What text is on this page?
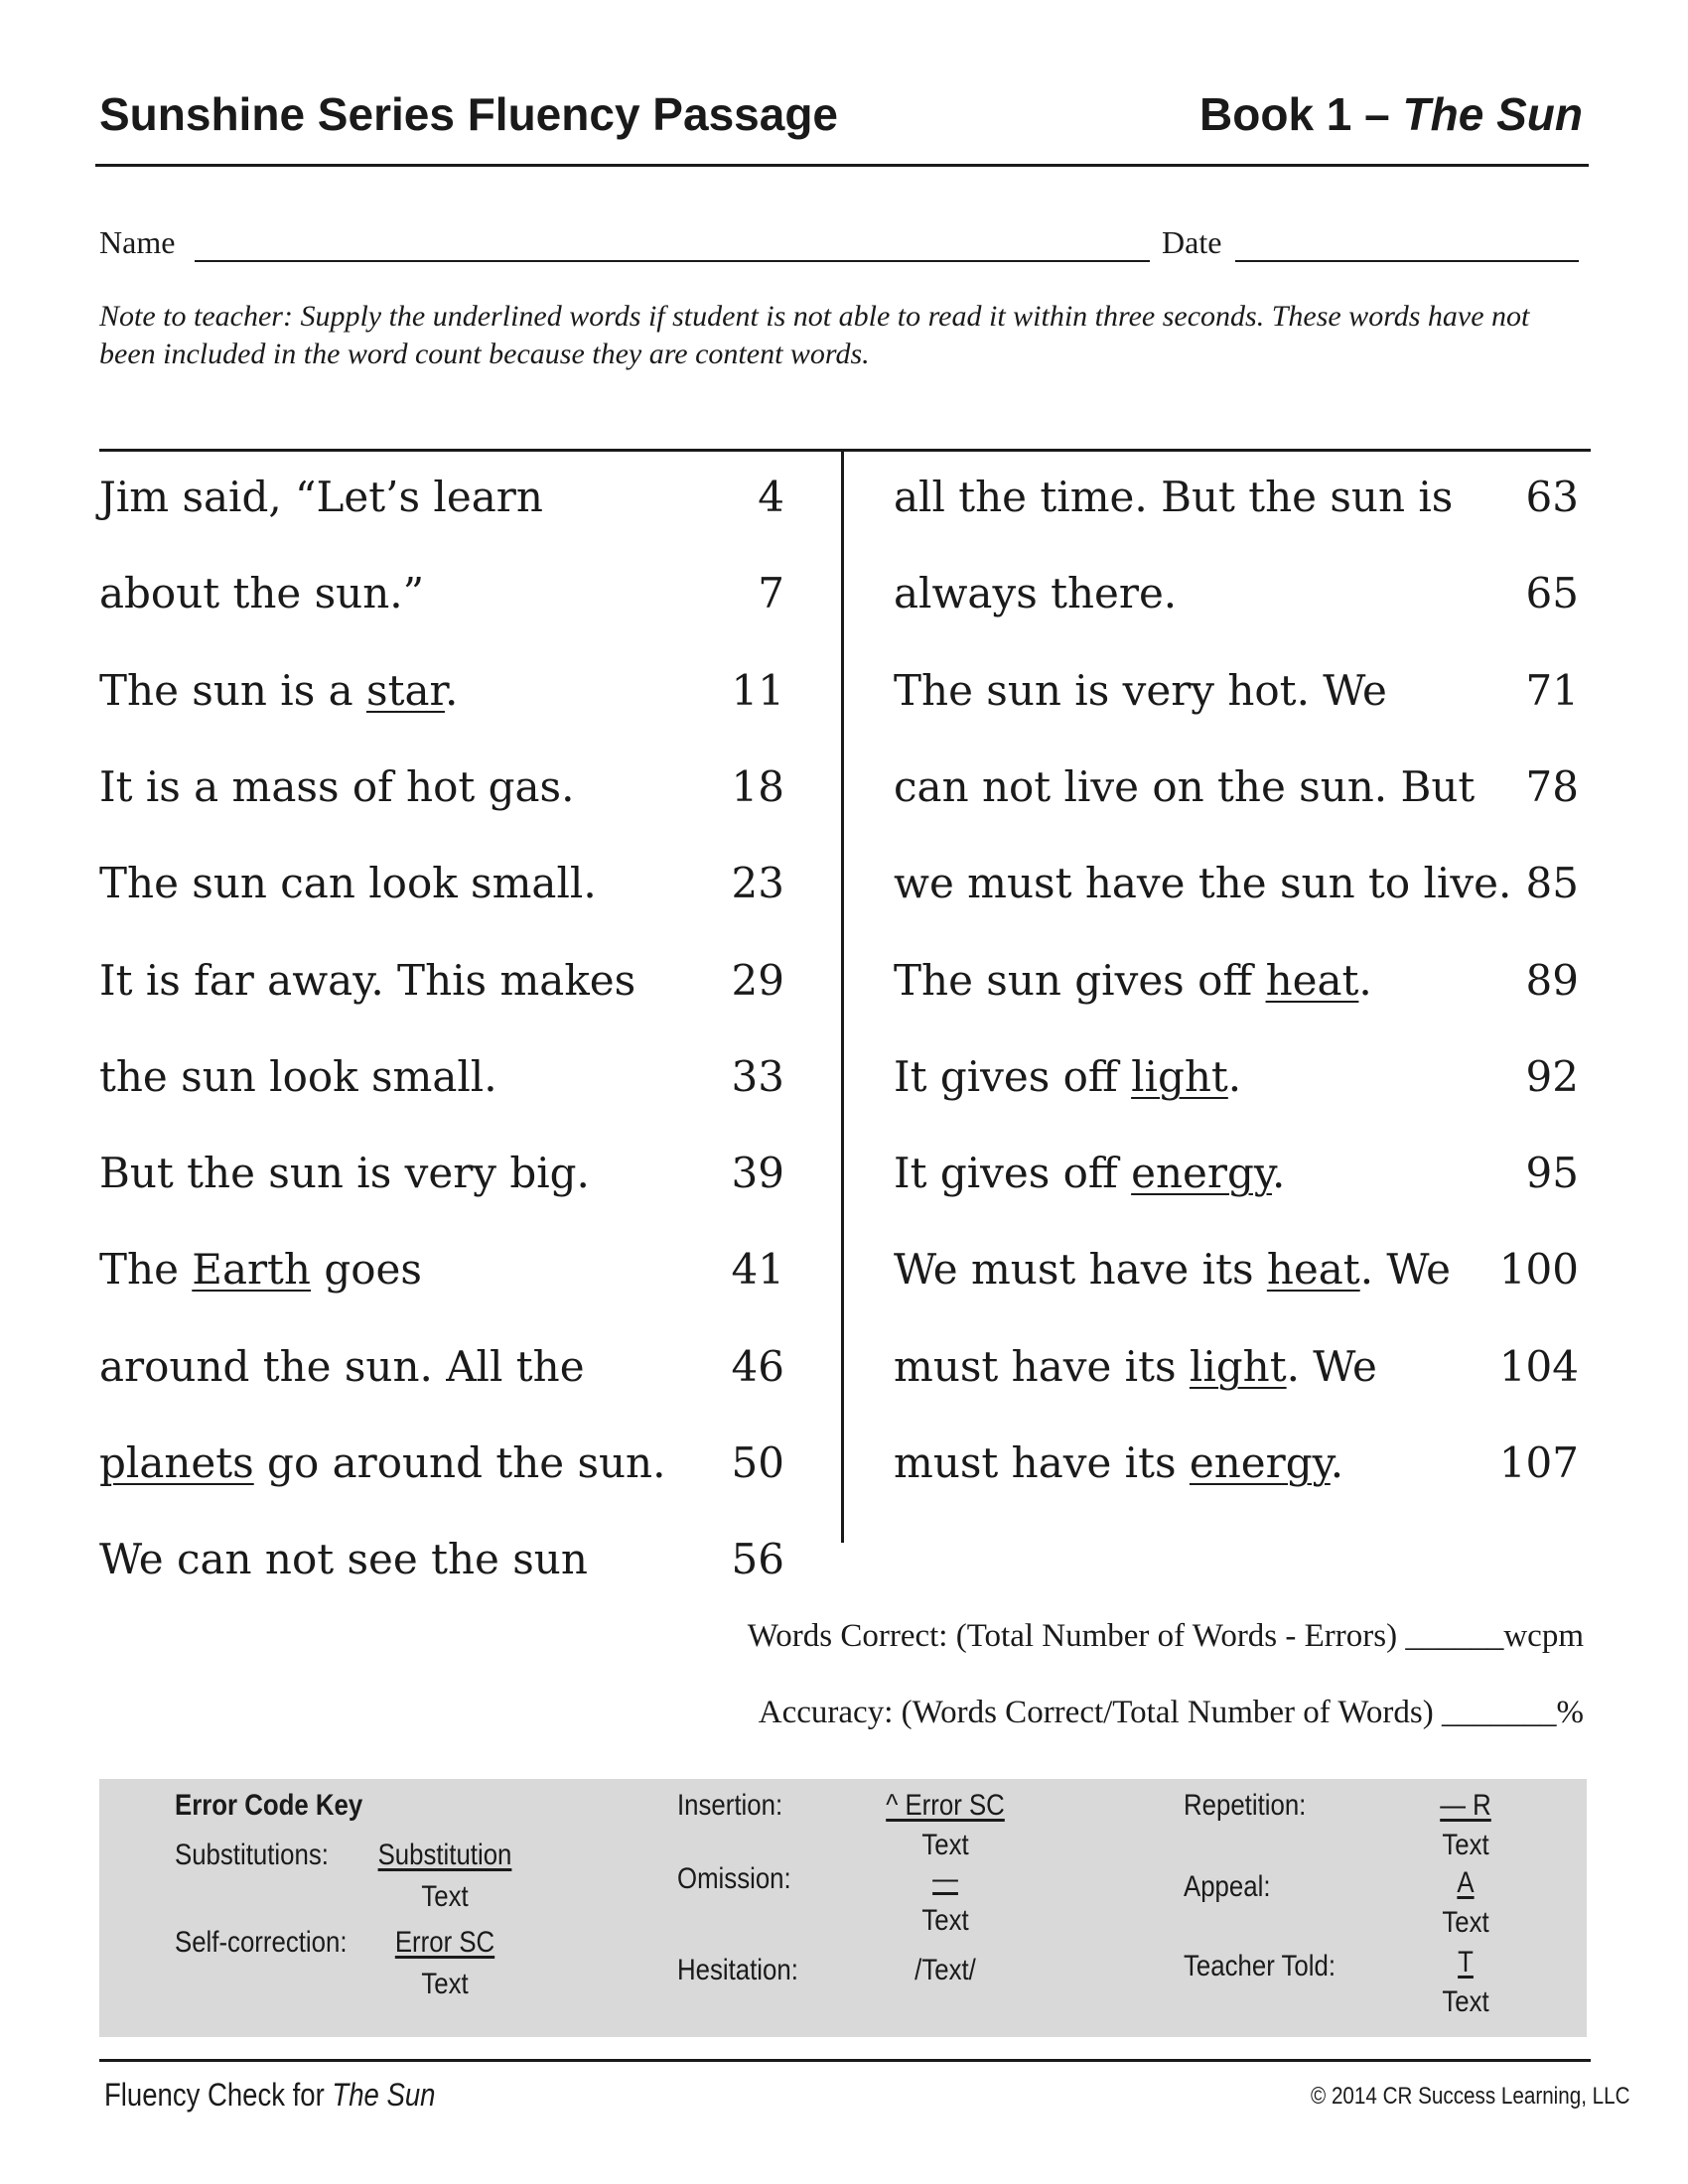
Sunshine Series Fluency Passage	Book 1 – The Sun
Name	Date
Note to teacher: Supply the underlined words if student is not able to read it within three seconds. These words have not been included in the word count because they are content words.
Jim said, “Let’s learn	4
about the sun.”	7
The sun is a star.	11
It is a mass of hot gas.	18
The sun can look small.	23
It is far away. This makes	29
the sun look small.	33
But the sun is very big.	39
The Earth goes	41
around the sun. All the	46
planets go around the sun.	50
We can not see the sun	56
all the time. But the sun is	63
always there.	65
The sun is very hot. We	71
can not live on the sun. But	78
we must have the sun to live. 85
The sun gives off heat.	89
It gives off light.	92
It gives off energy.	95
We must have its heat. We	100
must have its light. We	104
must have its energy.	107
Words Correct: (Total Number of Words - Errors) ______wcpm
Accuracy: (Words Correct/Total Number of Words) _______%
Error Code Key
Substitutions: Substitution
Text
Self-correction: Error SC
Text
Insertion:	^ Error SC
Text
Omission:	—
Text
Hesitation:	/Text/
Repetition:	— R
Text
Appeal:	A
Text
Teacher Told:	T
Text
Fluency Check for The Sun	© 2014 CR Success Learning, LLC
